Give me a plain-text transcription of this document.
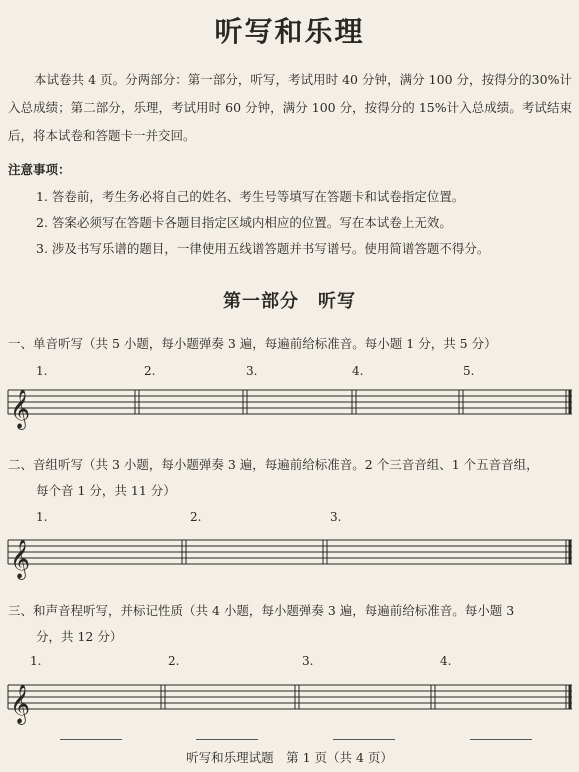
听写和乐理
本试卷共 4 页。分两部分：第一部分，听写，考试用时 40 分钟，满分 100 分，按得分的30%计入总成绩；第二部分，乐理，考试用时 60 分钟，满分 100 分，按得分的 15%计入总成绩。考试结束后，将本试卷和答题卡一并交回。
注意事项：
1. 答卷前，考生务必将自己的姓名、考生号等填写在答题卡和试卷指定位置。
2. 答案必须写在答题卡各题目指定区域内相应的位置。写在本试卷上无效。
3. 涉及书写乐谱的题目，一律使用五线谱答题并书写谱号。使用简谱答题不得分。
第一部分　听写
一、单音听写（共 5 小题，每小题弹奏 3 遍，每遍前给标准音。每小题 1 分，共 5 分）
1.	2.	3.	4.	5.
二、音组听写（共 3 小题，每小题弹奏 3 遍，每遍前给标准音。2 个三音音组、1 个五音音组，
每个音 1 分，共 11 分）
1.	2.	3.
三、和声音程听写，并标记性质（共 4 小题，每小题弹奏 3 遍，每遍前给标准音。每小题 3
分，共 12 分）
1.	2.	3.	4.
𝄞
𝄞
𝄞
听写和乐理试题　第 1 页（共 4 页）
